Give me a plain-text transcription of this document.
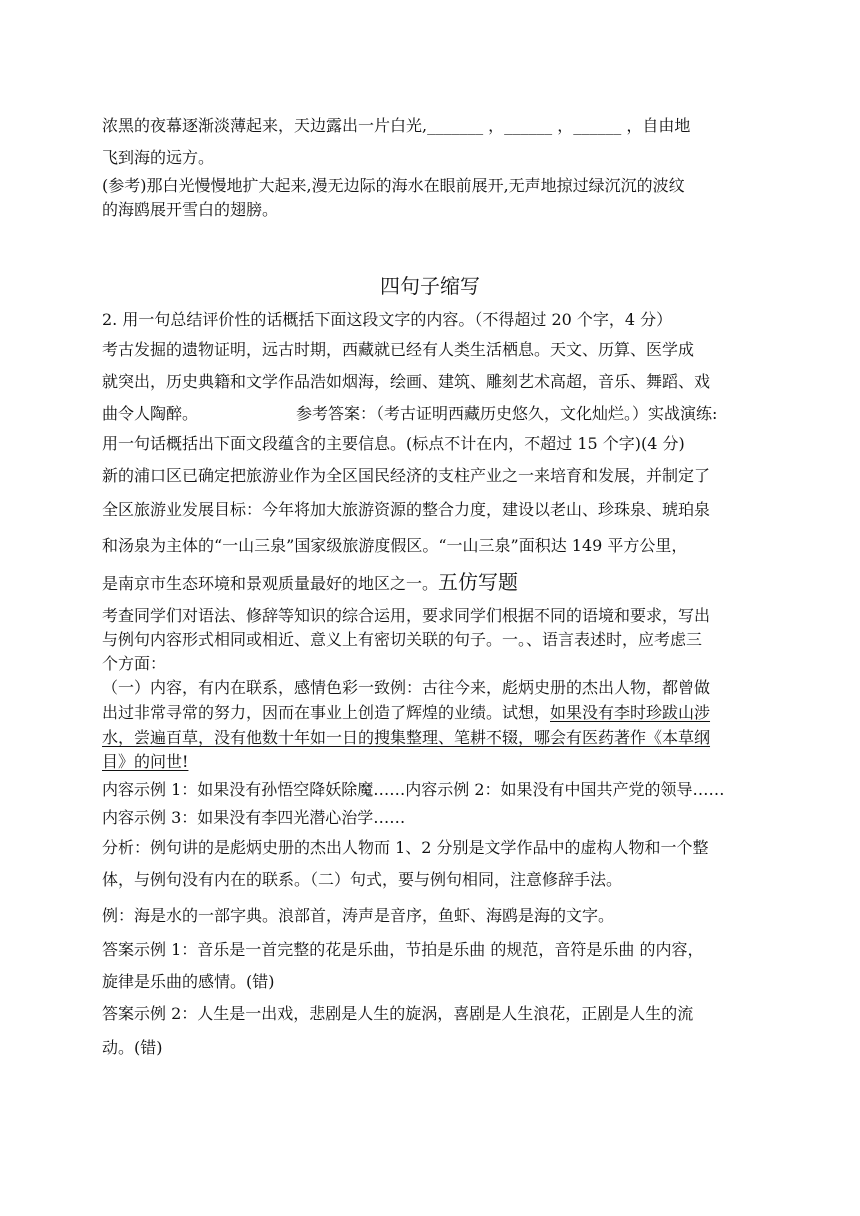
浓黑的夜幕逐渐淡薄起来，天边露出一片白光,_______ ，______ ，______ ，自由地
飞到海的远方。
(参考)那白光慢慢地扩大起来,漫无边际的海水在眼前展开,无声地掠过绿沉沉的波纹
的海鸥展开雪白的翅膀。
四句子缩写
2. 用一句总结评价性的话概括下面这段文字的内容。（不得超过 20 个字，4 分）
考古发掘的遗物证明，远古时期，西藏就已经有人类生活栖息。天文、历算、医学成
就突出，历史典籍和文学作品浩如烟海，绘画、建筑、雕刻艺术高超，音乐、舞蹈、戏
曲令人陶醉。	参考答案：（考古证明西藏历史悠久，文化灿烂。）实战演练:
用一句话概括出下面文段蕴含的主要信息。(标点不计在内，不超过 15 个字)(4 分)
新的浦口区已确定把旅游业作为全区国民经济的支柱产业之一来培育和发展，并制定了
全区旅游业发展目标：今年将加大旅游资源的整合力度，建设以老山、珍珠泉、琥珀泉
和汤泉为主体的“一山三泉”国家级旅游度假区。“一山三泉”面积达 149 平方公里，
是南京市生态环境和景观质量最好的地区之一。五仿写题
考查同学们对语法、修辞等知识的综合运用，要求同学们根据不同的语境和要求，写出
与例句内容形式相同或相近、意义上有密切关联的句子。一。、语言表述时，应考虑三
个方面：
（一）内容，有内在联系，感情色彩一致例：古往今来，彪炳史册的杰出人物，都曾做
出过非常寻常的努力，因而在事业上创造了辉煌的业绩。试想，如果没有李时珍跋山涉
水，尝遍百草，没有他数十年如一日的搜集整理、笔耕不辍，哪会有医药著作《本草纲
目》的问世!
内容示例 1：如果没有孙悟空降妖除魔……内容示例 2：如果没有中国共产党的领导……
内容示例 3：如果没有李四光潜心治学……
分析：例句讲的是彪炳史册的杰出人物而 1、2 分别是文学作品中的虚构人物和一个整
体，与例句没有内在的联系。（二）句式，要与例句相同，注意修辞手法。
例：海是水的一部字典。浪部首，涛声是音序，鱼虾、海鸥是海的文字。
答案示例 1：音乐是一首完整的花是乐曲，节拍是乐曲 的规范，音符是乐曲 的内容，
旋律是乐曲的感情。(错)
答案示例 2：人生是一出戏，悲剧是人生的旋涡，喜剧是人生浪花，正剧是人生的流
动。(错)
